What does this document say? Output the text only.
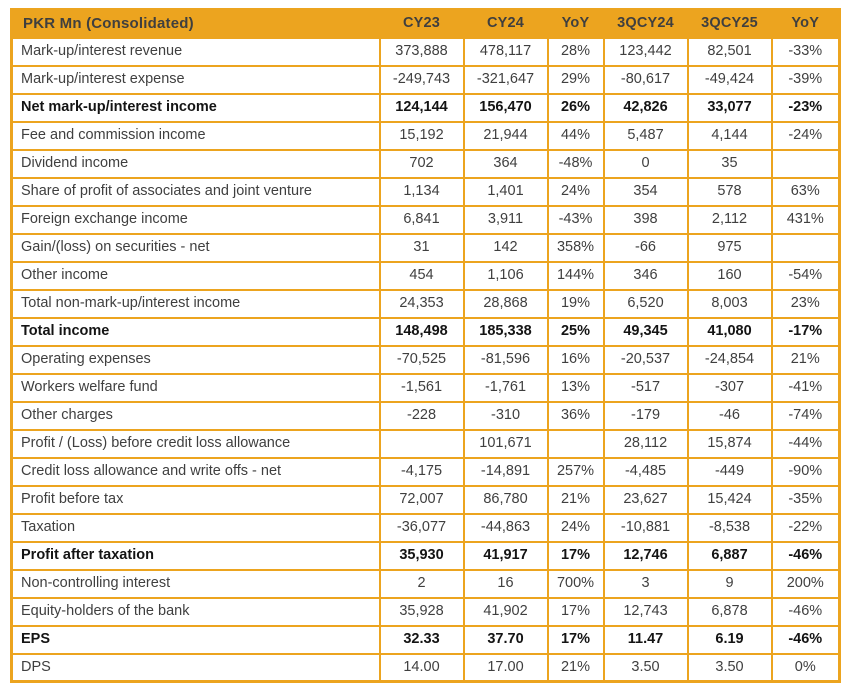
PKR Mn (Consolidated)	CY23	CY24	YoY	3QCY24	3QCY25	YoY
Mark-up/interest revenue	373,888	478,117	28%	123,442	82,501	-33%
Mark-up/interest expense	-249,743	-321,647	29%	-80,617	-49,424	-39%
Net mark-up/interest income	124,144	156,470	26%	42,826	33,077	-23%
Fee and commission income	15,192	21,944	44%	5,487	4,144	-24%
Dividend income	702	364	-48%	0	35	
Share of profit of associates and joint venture	1,134	1,401	24%	354	578	63%
Foreign exchange income	6,841	3,911	-43%	398	2,112	431%
Gain/(loss) on securities - net	31	142	358%	-66	975	
Other income	454	1,106	144%	346	160	-54%
Total non-mark-up/interest income	24,353	28,868	19%	6,520	8,003	23%
Total income	148,498	185,338	25%	49,345	41,080	-17%
Operating expenses	-70,525	-81,596	16%	-20,537	-24,854	21%
Workers welfare fund	-1,561	-1,761	13%	-517	-307	-41%
Other charges	-228	-310	36%	-179	-46	-74%
Profit / (Loss) before credit loss allowance		101,671		28,112	15,874	-44%
Credit loss allowance and write offs - net	-4,175	-14,891	257%	-4,485	-449	-90%
Profit before tax	72,007	86,780	21%	23,627	15,424	-35%
Taxation	-36,077	-44,863	24%	-10,881	-8,538	-22%
Profit after taxation	35,930	41,917	17%	12,746	6,887	-46%
Non-controlling interest	2	16	700%	3	9	200%
Equity-holders of the bank	35,928	41,902	17%	12,743	6,878	-46%
EPS	32.33	37.70	17%	11.47	6.19	-46%
DPS	14.00	17.00	21%	3.50	3.50	0%
